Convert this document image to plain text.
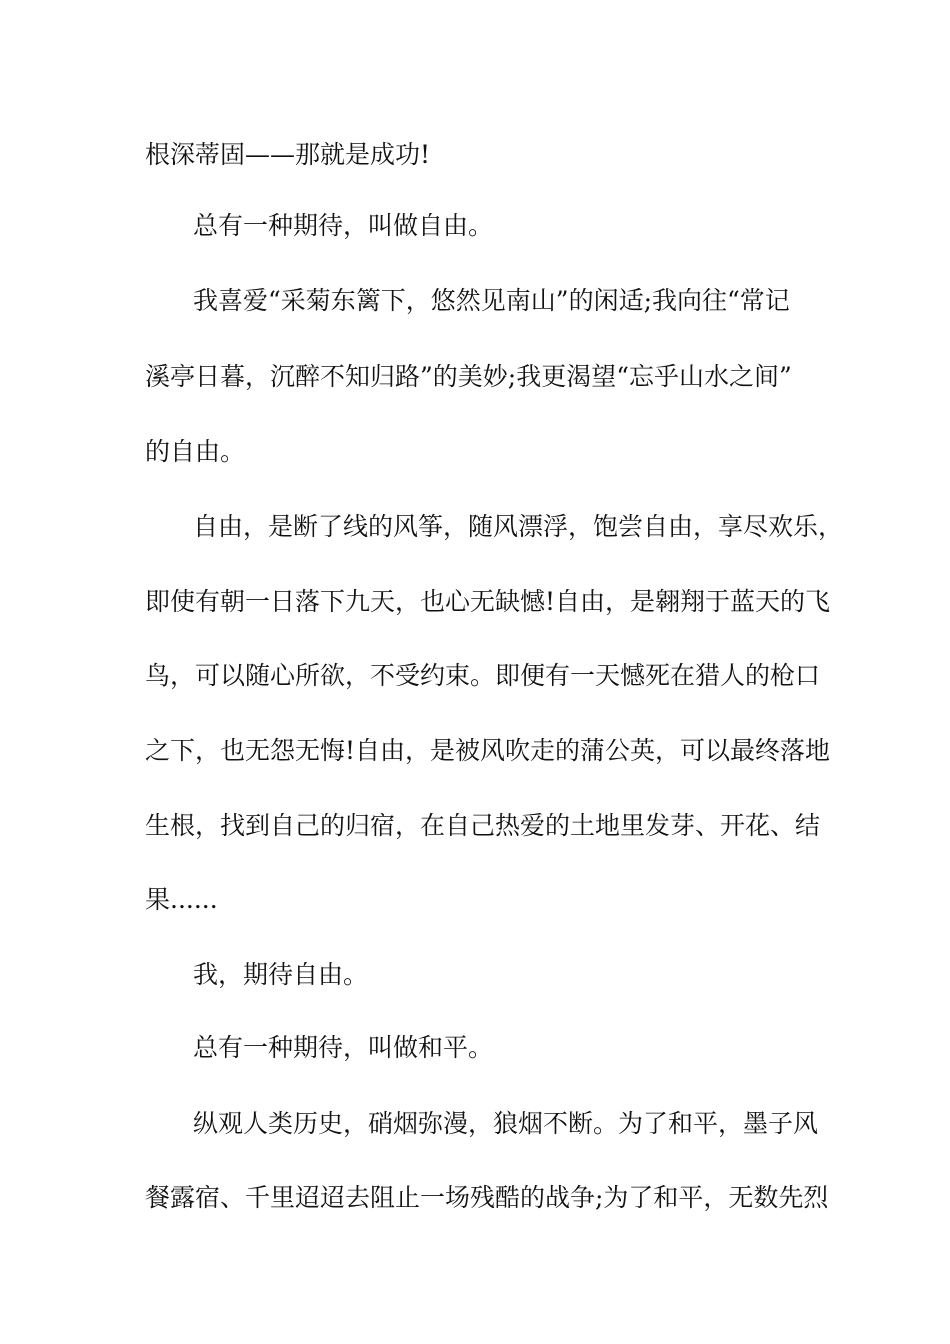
根深蒂固——那就是成功!
总有一种期待，叫做自由。
我喜爱“采菊东篱下，悠然见南山”的闲适;我向往“常记
溪亭日暮，沉醉不知归路”的美妙;我更渴望“忘乎山水之间”
的自由。
自由，是断了线的风筝，随风漂浮，饱尝自由，享尽欢乐，
即使有朝一日落下九天，也心无缺憾!自由，是翱翔于蓝天的飞
鸟，可以随心所欲，不受约束。即便有一天憾死在猎人的枪口
之下，也无怨无悔!自由，是被风吹走的蒲公英，可以最终落地
生根，找到自己的归宿，在自己热爱的土地里发芽、开花、结
果......
我，期待自由。
总有一种期待，叫做和平。
纵观人类历史，硝烟弥漫，狼烟不断。为了和平，墨子风
餐露宿、千里迢迢去阻止一场残酷的战争;为了和平，无数先烈
